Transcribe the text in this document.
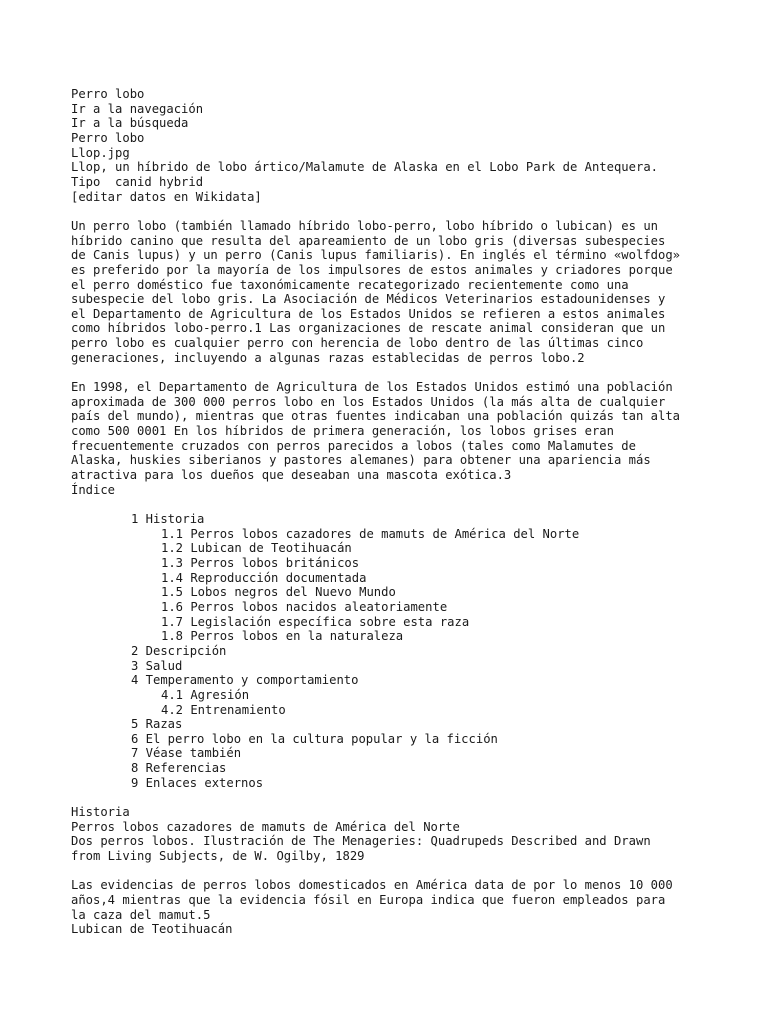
Perro lobo
Ir a la navegación
Ir a la búsqueda
Perro lobo
Llop.jpg
Llop, un híbrido de lobo ártico/Malamute de Alaska en el Lobo Park de Antequera.
Tipo  canid hybrid
[editar datos en Wikidata]
Un perro lobo (también llamado híbrido lobo-perro, lobo híbrido o lubican) es un
híbrido canino que resulta del apareamiento de un lobo gris (diversas subespecies
de Canis lupus) y un perro (Canis lupus familiaris). En inglés el término «wolfdog»
es preferido por la mayoría de los impulsores de estos animales y criadores porque
el perro doméstico fue taxonómicamente recategorizado recientemente como una
subespecie del lobo gris. La Asociación de Médicos Veterinarios estadounidenses y
el Departamento de Agricultura de los Estados Unidos se refieren a estos animales
como híbridos lobo-perro.1 Las organizaciones de rescate animal consideran que un
perro lobo es cualquier perro con herencia de lobo dentro de las últimas cinco
generaciones, incluyendo a algunas razas establecidas de perros lobo.2
En 1998, el Departamento de Agricultura de los Estados Unidos estimó una población
aproximada de 300 000 perros lobo en los Estados Unidos (la más alta de cualquier
país del mundo), mientras que otras fuentes indicaban una población quizás tan alta
como 500 0001 En los híbridos de primera generación, los lobos grises eran
frecuentemente cruzados con perros parecidos a lobos (tales como Malamutes de
Alaska, huskies siberianos y pastores alemanes) para obtener una apariencia más
atractiva para los dueños que deseaban una mascota exótica.3
Índice
1 Historia
1.1 Perros lobos cazadores de mamuts de América del Norte
1.2 Lubican de Teotihuacán
1.3 Perros lobos británicos
1.4 Reproducción documentada
1.5 Lobos negros del Nuevo Mundo
1.6 Perros lobos nacidos aleatoriamente
1.7 Legislación específica sobre esta raza
1.8 Perros lobos en la naturaleza
2 Descripción
3 Salud
4 Temperamento y comportamiento
4.1 Agresión
4.2 Entrenamiento
5 Razas
6 El perro lobo en la cultura popular y la ficción
7 Véase también
8 Referencias
9 Enlaces externos
Historia
Perros lobos cazadores de mamuts de América del Norte
Dos perros lobos. Ilustración de The Menageries: Quadrupeds Described and Drawn
from Living Subjects, de W. Ogilby, 1829
Las evidencias de perros lobos domesticados en América data de por lo menos 10 000
años,4 mientras que la evidencia fósil en Europa indica que fueron empleados para
la caza del mamut.5
Lubican de Teotihuacán
